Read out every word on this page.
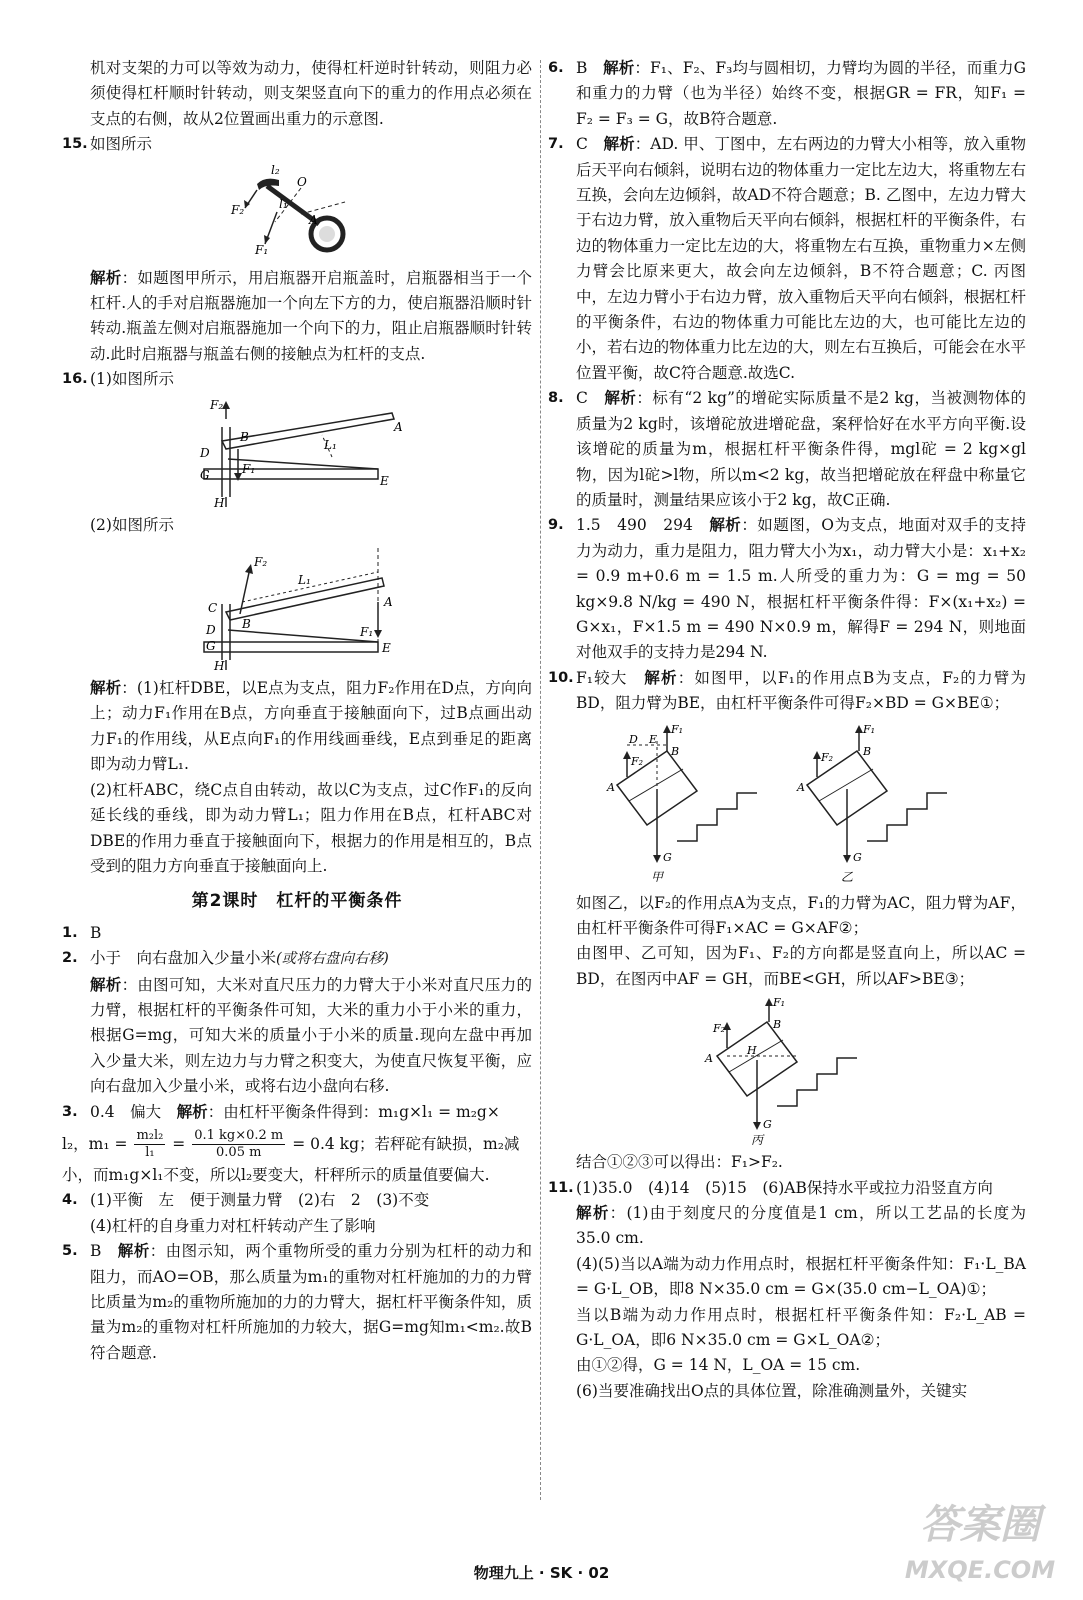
机对支架的力可以等效为动力，使得杠杆逆时针转动，则阻力必须使得杠杆顺时针转动，则支架竖直向下的重力的作用点必须在支点的右侧，故从2位置画出重力的示意图.

15. 如图所示
l₂
O
F₂	l₁
A
F₁

解析：如题图甲所示，用启瓶器开启瓶盖时，启瓶器相当于一个杠杆.人的手对启瓶器施加一个向左下方的力，使启瓶器沿顺时针转动.瓶盖左侧对启瓶器施加一个向下的力，阻止启瓶器顺时针转动.此时启瓶器与瓶盖右侧的接触点为杠杆的支点.

16. (1)如图所示
F₂
B
A
D
L₁
G	F₁
E
H

(2)如图所示

F₂
L₁
C
B
A
D
G
F₁
E
H

解析：(1)杠杆DBE，以E点为支点，阻力F₂作用在D点，方向向上；动力F₁作用在B点，方向垂直于接触面向下，过B点画出动力F₁的作用线，从E点向F₁的作用线画垂线，E点到垂足的距离即为动力臂L₁.

(2)杠杆ABC，绕C点自由转动，故以C为支点，过C作F₁的反向延长线的垂线，即为动力臂L₁；阻力作用在B点，杠杆ABC对DBE的作用力垂直于接触面向下，根据力的作用是相互的，B点受到的阻力方向垂直于接触面向上.

第2课时　杠杆的平衡条件
1. B
2. 小于　向右盘加入少量小米(或将右盘向右移)

解析：由图可知，大米对直尺压力的力臂大于小米对直尺压力的力臂，根据杠杆的平衡条件可知，大米的重力小于小米的重力，根据G=mg，可知大米的质量小于小米的质量.现向左盘中再加入少量大米，则左边力与力臂之积变大，为使直尺恢复平衡，应向右盘加入少量小米，或将右边小盘向右移.

3. 0.4　偏大　 解析：由杠杆平衡条件得到：m₁g×l₁ = m₂g×

l₂，$m_1 = \frac{\text{m₂l₂}}{\text{l₁}} = \frac{0.1 kg\times 0.2 m}{0.05 m} = 0.4$ kg；若秤砣有缺损，m₂减

小，而m₁g×l₁不变，所以l₂要变大，杆秤所示的质量值要偏大.

4. (1)平衡　左　便于测量力臂　(2)右　2　(3)不变

(4)杠杆的自身重力对杠杆转动产生了影响

5. B　 解析：由图示知，两个重物所受的重力分别为杠杆的动力和阻力，而AO=OB，那么质量为m₁的重物对杠杆施加的力的力臂比质量为m₂的重物所施加的力的力臂大，据杠杆平衡条件知，质量为m₂的重物对杠杆所施加的力较大，据G=mg知m₁<m₂.故B符合题意.
6. B　 解析：F₁、F₂、F₃均与圆相切，力臂均为圆的半径，而重力G和重力的力臂（也为半径）始终不变，根据GR = FR，知F₁ = F₂ = F₃ = G，故B符合题意.
7. C　 解析：AD. 甲、丁图中，左右两边的力臂大小相等，放入重物后天平向右倾斜，说明右边的物体重力一定比左边大，将重物左右互换，会向左边倾斜，故AD不符合题意；B. 乙图中，左边力臂大于右边力臂，放入重物后天平向右倾斜，根据杠杆的平衡条件，右边的物体重力一定比左边的大，将重物左右互换，重物重力×左侧力臂会比原来更大，故会向左边倾斜，B不符合题意；C. 丙图中，左边力臂小于右边力臂，放入重物后天平向右倾斜，根据杠杆的平衡条件，右边的物体重力可能比左边的大，也可能比左边的小，若右边的物体重力比左边的大，则左右互换后，可能会在水平位置平衡，故C符合题意.故选C.
8. C　 解析：标有“2 kg”的增砣实际质量不是2 kg，当被测物体的质量为2 kg时，该增砣放进增砣盘，案秤恰好在水平方向平衡.设该增砣的质量为m，根据杠杆平衡条件得，mgl砣 = 2 kg×gl物，因为l砣>l物，所以m<2 kg，故当把增砣放在秤盘中称量它的质量时，测量结果应该小于2 kg，故C正确.
9. 1.5　490　294　 解析：如题图，O为支点，地面对双手的支持力为动力，重力是阻力，阻力臂大小为x₁，动力臂大小是：x₁+x₂ = 0.9 m+0.6 m = 1.5 m.人所受的重力为：G = mg = 50 kg×9.8 N/kg = 490 N，根据杠杆平衡条件得：F×(x₁+x₂) = G×x₁，F×1.5 m = 490 N×0.9 m，解得F = 294 N，则地面对他双手的支持力是294 N.
10. F₁较大　 解析：如图甲，以F₁的作用点B为支点，F₂的力臂为BD，阻力臂为BE，由杠杆平衡条件可得F₂×BD = G×BE①；
D E
F₁
F₂
B
A
G
甲
F₁
F₂	B
A
G
乙

如图乙，以F₂的作用点A为支点，F₁的力臂为AC，阻力臂为AF，由杠杆平衡条件可得F₁×AC = G×AF②；

由图甲、乙可知，因为F₁、F₂的方向都是竖直向上，所以AC = BD，在图丙中AF = GH，而BE<GH，所以AF>BE③；

F₁
F₂	B
H
A
G
丙

结合①②③可以得出：F₁>F₂.

11. (1)35.0　(4)14　(5)15　(6)AB保持水平或拉力沿竖直方向

解析：(1)由于刻度尺的分度值是1 cm，所以工艺品的长度为35.0 cm.

(4)(5)当以A端为动力作用点时，根据杠杆平衡条件知：F₁·L_BA = G·L_OB，即8 N×35.0 cm = G×(35.0 cm−L_OA)①；

当以B端为动力作用点时，根据杠杆平衡条件知：F₂·L_AB = G·L_OA，即6 N×35.0 cm = G×L_OA②；

由①②得，G = 14 N，L_OA = 15 cm.

(6)当要准确找出O点的具体位置，除准确测量外，关键实

物理九上 · SK · 02
答案圈
MXQE.COM
